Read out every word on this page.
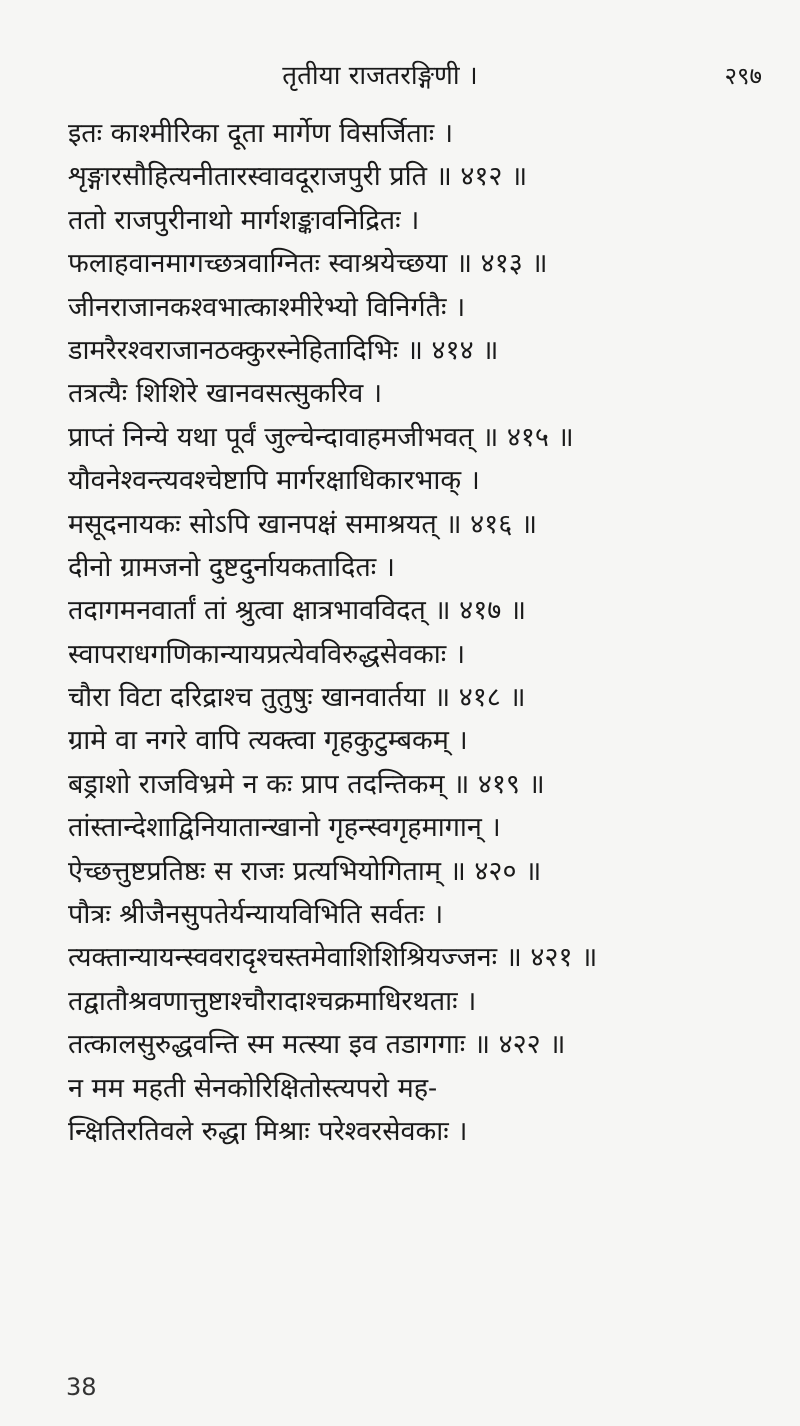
तृतीया राजतरङ्गिणी ।	२९७
इतः काश्मीरिका दूता मार्गेण विसर्जिताः ।
शृङ्गारसौहित्यनीतारस्वावदूराजपुरी प्रति ॥ ४१२ ॥
ततो राजपुरीनाथो मार्गशङ्कावनिद्रितः ।
फलाहवानमागच्छत्रवाग्नितः स्वाश्रयेच्छया ॥ ४१३ ॥
जीनराजानकश्वभात्काश्मीरेभ्यो विनिर्गतैः ।
डामरैरश्वराजानठक्कुरस्नेहितादिभिः ॥ ४१४ ॥
तत्रत्यैः शिशिरे खानवसत्सुकरिव ।
प्राप्तं निन्ये यथा पूर्वं जुल्चेन्दावाहमजीभवत् ॥ ४१५ ॥
यौवनेश्वन्त्यवश्चेष्टापि मार्गरक्षाधिकारभाक् ।
मसूदनायकः सोऽपि खानपक्षं समाश्रयत् ॥ ४१६ ॥
दीनो ग्रामजनो दुष्टदुर्नायकतादितः ।
तदागमनवार्तां तां श्रुत्वा क्षात्रभावविदत् ॥ ४१७ ॥
स्वापराधगणिकान्यायप्रत्येवविरुद्धसेवकाः ।
चौरा विटा दरिद्राश्च तुतुषुः खानवार्तया ॥ ४१८ ॥
ग्रामे वा नगरे वापि त्यक्त्वा गृहकुटुम्बकम् ।
बड्राशो राजविभ्रमे न कः प्राप तदन्तिकम् ॥ ४१९ ॥
तांस्तान्देशाद्विनियातान्खानो गृहन्स्वगृहमागान् ।
ऐच्छत्तुष्टप्रतिष्ठः स राजः प्रत्यभियोगिताम् ॥ ४२० ॥
पौत्रः श्रीजैनसुपतेर्यन्यायविभिति सर्वतः ।
त्यक्तान्यायन्स्ववरादृश्चस्तमेवाशिशिश्रियज्जनः ॥ ४२१ ॥
तद्वातौश्रवणात्तुष्टाश्चौरादाश्चक्रमाधिरथताः ।
तत्कालसुरुद्धवन्ति स्म मत्स्या इव तडागगाः ॥ ४२२ ॥
न मम महती सेनकोरिक्षितोस्त्यपरो मह-
न्क्षितिरतिवले रुद्धा मिश्राः परेश्वरसेवकाः ।
38
